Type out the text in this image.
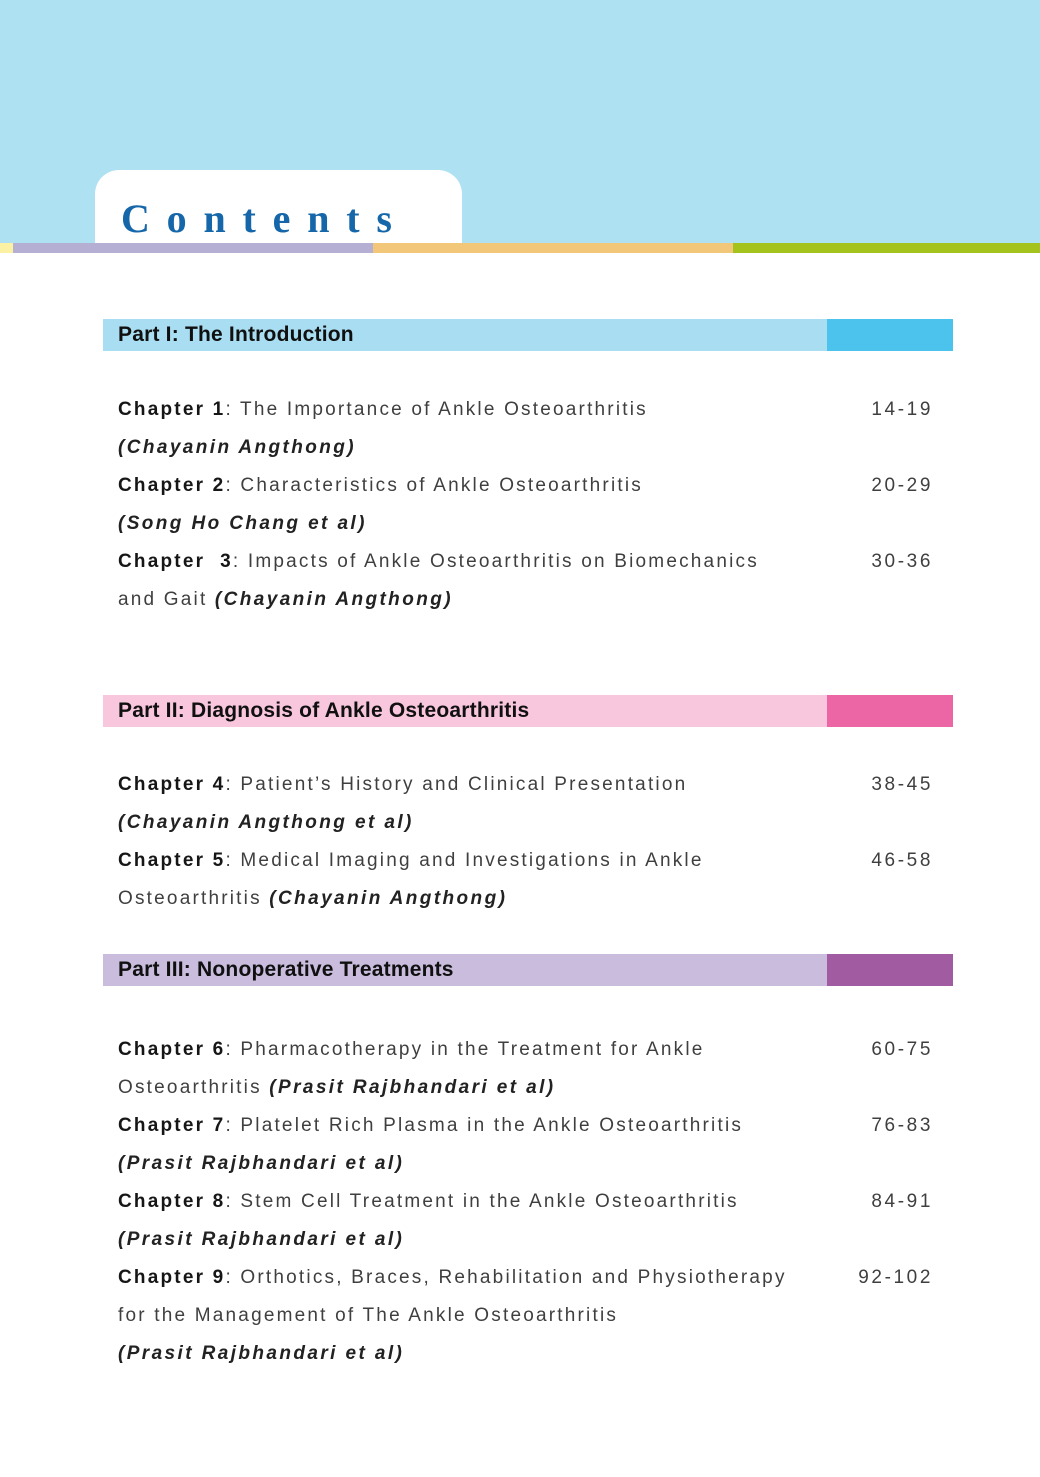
Contents
Part I: The Introduction
Chapter 1: The Importance of Ankle Osteoarthritis	14-19
(Chayanin Angthong)
Chapter 2: Characteristics of Ankle Osteoarthritis	20-29
(Song Ho Chang et al)
Chapter  3: Impacts of Ankle Osteoarthritis on Biomechanics	30-36
and Gait (Chayanin Angthong)
Part II: Diagnosis of Ankle Osteoarthritis
Chapter 4: Patient’s History and Clinical Presentation	38-45
(Chayanin Angthong et al)
Chapter 5: Medical Imaging and Investigations in Ankle	46-58
Osteoarthritis (Chayanin Angthong)
Part III: Nonoperative Treatments
Chapter 6: Pharmacotherapy in the Treatment for Ankle	60-75
Osteoarthritis (Prasit Rajbhandari et al)
Chapter 7: Platelet Rich Plasma in the Ankle Osteoarthritis	76-83
(Prasit Rajbhandari et al)
Chapter 8: Stem Cell Treatment in the Ankle Osteoarthritis	84-91
(Prasit Rajbhandari et al)
Chapter 9: Orthotics, Braces, Rehabilitation and Physiotherapy	92-102
for the Management of The Ankle Osteoarthritis
(Prasit Rajbhandari et al)
